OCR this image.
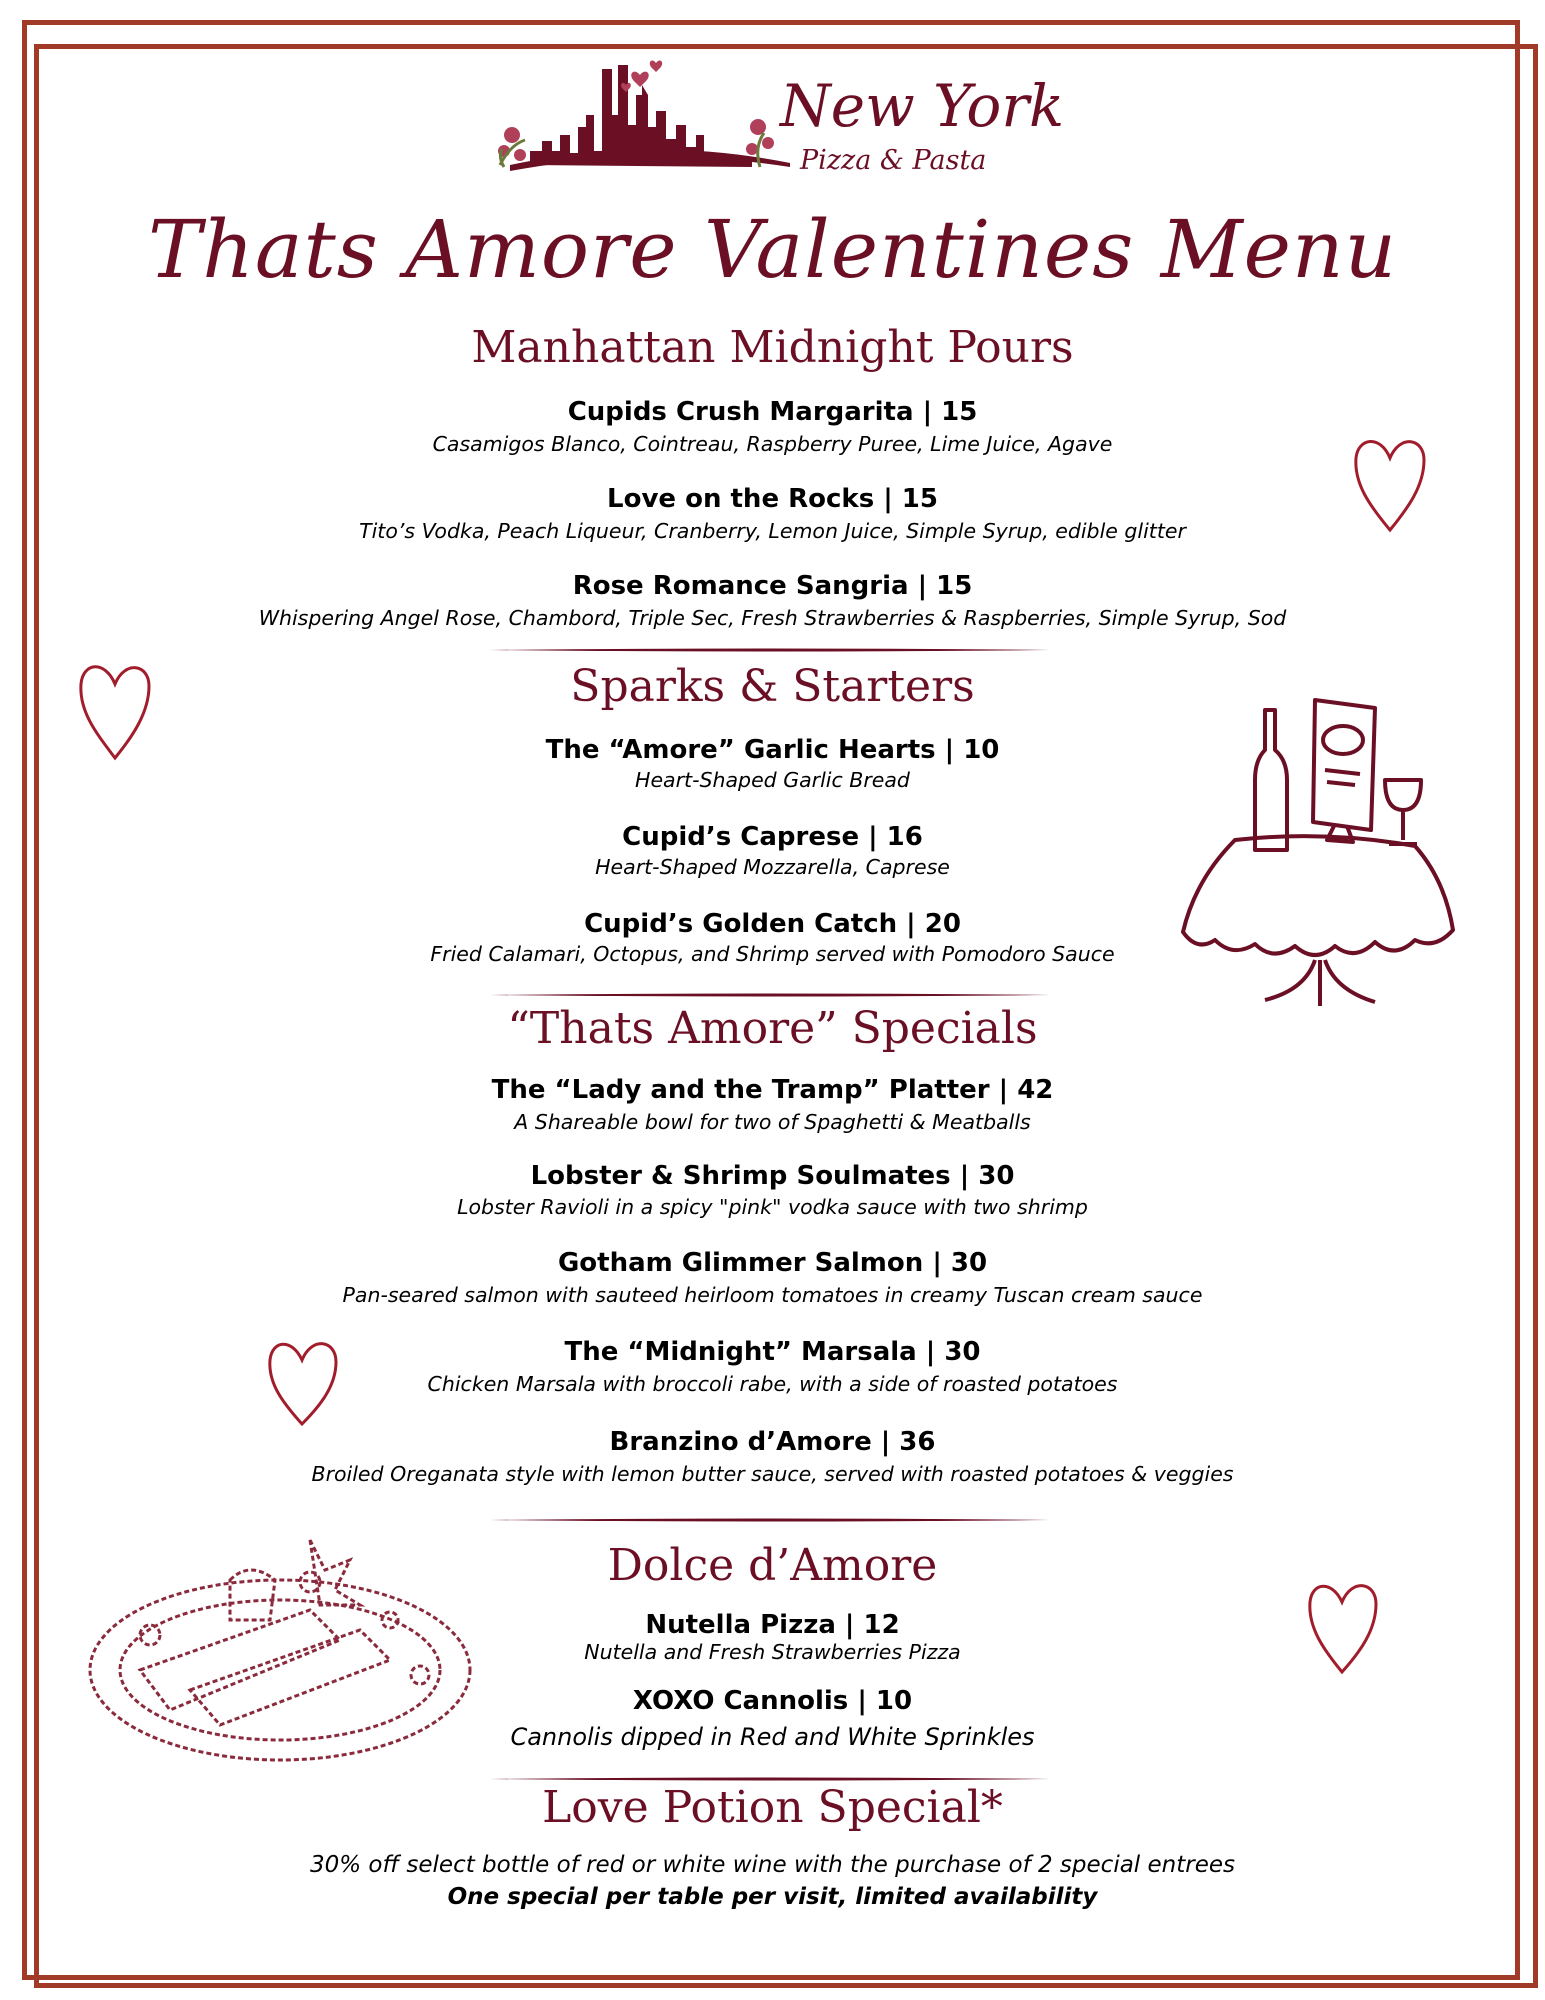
New York
Pizza & Pasta
Thats Amore Valentines Menu
Manhattan Midnight Pours
Cupids Crush Margarita | 15
Casamigos Blanco, Cointreau, Raspberry Puree, Lime Juice, Agave
Love on the Rocks | 15
Tito’s Vodka, Peach Liqueur, Cranberry, Lemon Juice, Simple Syrup, edible glitter
Rose Romance Sangria | 15
Whispering Angel Rose, Chambord, Triple Sec, Fresh Strawberries & Raspberries, Simple Syrup, Sod
Sparks & Starters
The “Amore” Garlic Hearts | 10
Heart-Shaped Garlic Bread
Cupid’s Caprese | 16
Heart-Shaped Mozzarella, Caprese
Cupid’s Golden Catch | 20
Fried Calamari, Octopus, and Shrimp served with Pomodoro Sauce
“Thats Amore” Specials
The “Lady and the Tramp” Platter | 42
A Shareable bowl for two of Spaghetti & Meatballs
Lobster & Shrimp Soulmates | 30
Lobster Ravioli in a spicy "pink" vodka sauce with two shrimp
Gotham Glimmer Salmon | 30
Pan-seared salmon with sauteed heirloom tomatoes in creamy Tuscan cream sauce
The “Midnight” Marsala | 30
Chicken Marsala with broccoli rabe, with a side of roasted potatoes
Branzino d’Amore | 36
Broiled Oreganata style with lemon butter sauce, served with roasted potatoes & veggies
Dolce d’Amore
Nutella Pizza | 12
Nutella and Fresh Strawberries Pizza
XOXO Cannolis | 10
Cannolis dipped in Red and White Sprinkles
Love Potion Special*
30% off select bottle of red or white wine with the purchase of 2 special entrees
One special per table per visit, limited availability
